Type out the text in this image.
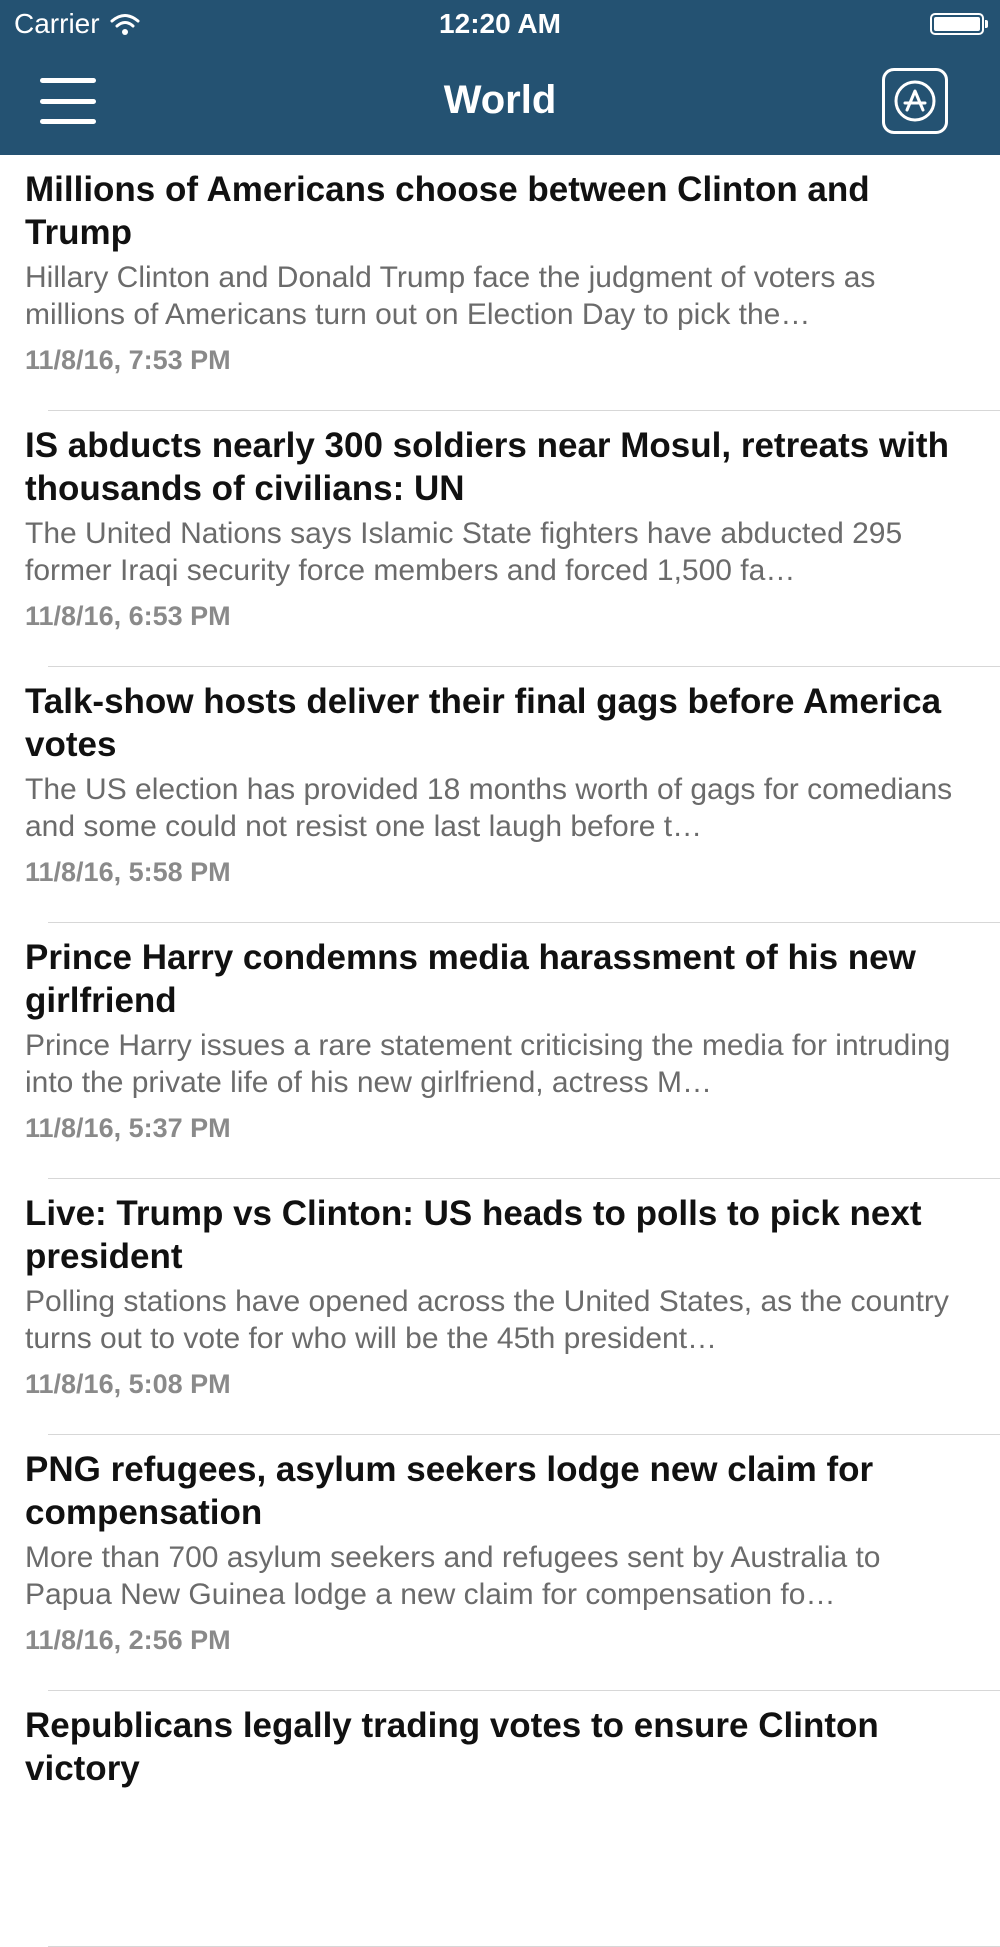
Carrier	12:20 AM
World
Millions of Americans choose between Clinton and Trump
Hillary Clinton and Donald Trump face the judgment of voters as millions of Americans turn out on Election Day to pick the…
11/8/16, 7:53 PM
IS abducts nearly 300 soldiers near Mosul, retreats with thousands of civilians: UN
The United Nations says Islamic State fighters have abducted 295 former Iraqi security force members and forced 1,500 fa…
11/8/16, 6:53 PM
Talk-show hosts deliver their final gags before America votes
The US election has provided 18 months worth of gags for comedians and some could not resist one last laugh before t…
11/8/16, 5:58 PM
Prince Harry condemns media harassment of his new girlfriend
Prince Harry issues a rare statement criticising the media for intruding into the private life of his new girlfriend, actress M…
11/8/16, 5:37 PM
Live: Trump vs Clinton: US heads to polls to pick next president
Polling stations have opened across the United States, as the country turns out to vote for who will be the 45th president…
11/8/16, 5:08 PM
PNG refugees, asylum seekers lodge new claim for compensation
More than 700 asylum seekers and refugees sent by Australia to Papua New Guinea lodge a new claim for compensation fo…
11/8/16, 2:56 PM
Republicans legally trading votes to ensure Clinton victory
